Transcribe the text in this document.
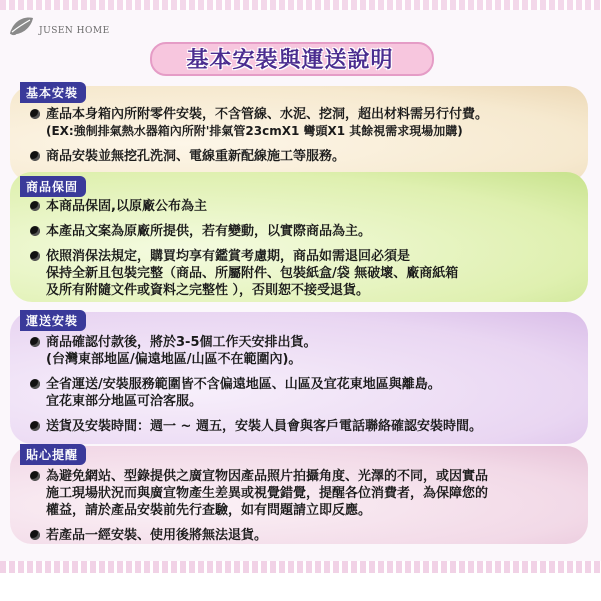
JUSEN HOME
基本安裝與運送說明
基本安裝
產品本身箱內所附零件安裝，不含管線、水泥、挖洞，超出材料需另行付費。
(EX:強制排氣熱水器箱內所附'排氣管23cmX1 彎頭X1 其餘視需求現場加購)
商品安裝並無挖孔洗洞、電線重新配線施工等服務。
商品保固
本商品保固,以原廠公布為主
本產品文案為原廠所提供，若有變動，以實際商品為主。
依照消保法規定，購買均享有鑑賞考慮期，商品如需退回必須是
保持全新且包裝完整（商品、所屬附件、包裝紙盒/袋 無破壞、廠商紙箱
及所有附隨文件或資料之完整性 ），否則恕不接受退貨。
運送安裝
商品確認付款後，將於3-5個工作天安排出貨。
(台灣東部地區/偏遠地區/山區不在範圍內)。
全省運送/安裝服務範圍皆不含偏遠地區、山區及宜花東地區與離島。
宜花東部分地區可洽客服。
送貨及安裝時間：週一 ~ 週五，安裝人員會與客戶電話聯絡確認安裝時間。
貼心提醒
為避免網站、型錄提供之廣宣物因產品照片拍攝角度、光澤的不同，或因實品
施工現場狀況而與廣宣物產生差異或視覺錯覺，提醒各位消費者，為保障您的
權益，請於產品安裝前先行查驗，如有問題請立即反應。
若產品一經安裝、使用後將無法退貨。
